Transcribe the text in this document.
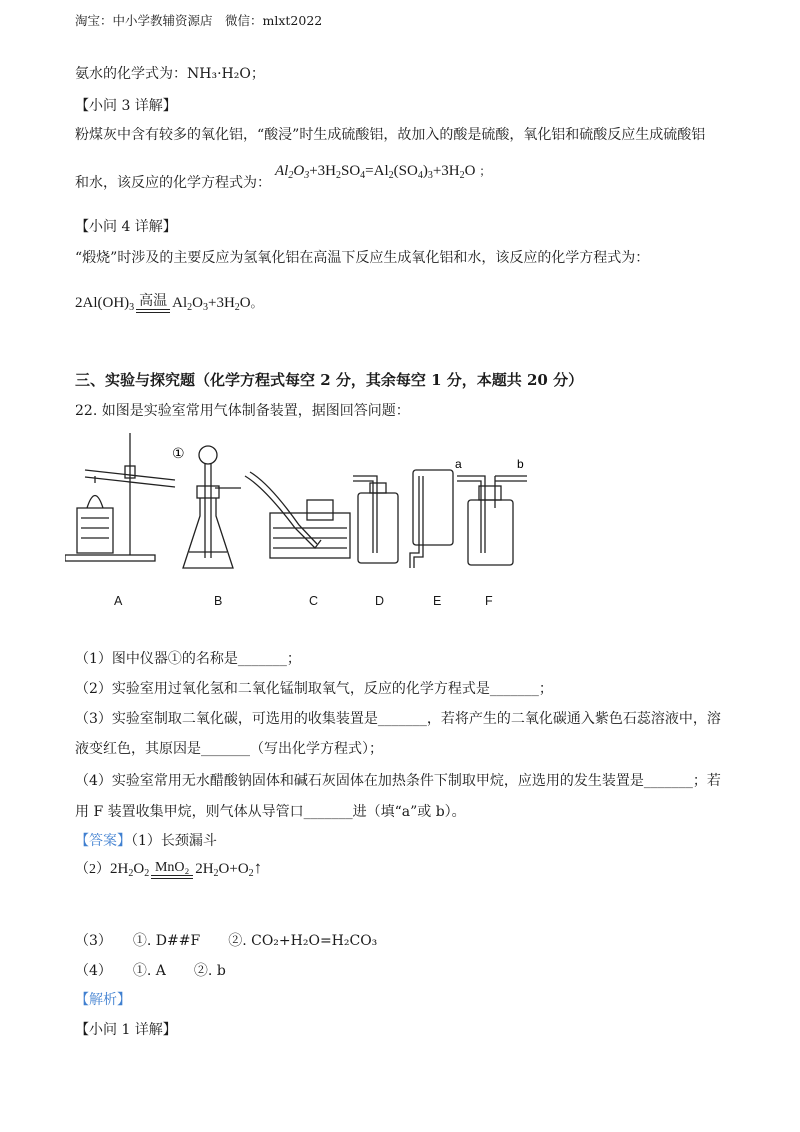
淘宝：中小学教辅资源店　微信：mlxt2022
氨水的化学式为：NH₃·H₂O；
【小问 3 详解】
粉煤灰中含有较多的氧化铝，“酸浸”时生成硫酸铝，故加入的酸是硫酸，氧化铝和硫酸反应生成硫酸铝
和水，该反应的化学方程式为：
$Al_2O_3+3H_2SO_4=Al_2(SO_4)_3+3H_2O$ ；
【小问 4 详解】
“煅烧”时涉及的主要反应为氢氧化铝在高温下反应生成氧化铝和水，该反应的化学方程式为：
$2Al(OH)_3$ 高温 $Al_2O_3+3H_2O$。
三、实验与探究题（化学方程式每空 2 分，其余每空 1 分，本题共 20 分）
22. 如图是实验室常用气体制备装置，据图回答问题：
①
a	b
A	B	C	D	E	F
（1）图中仪器①的名称是_______；
（2）实验室用过氧化氢和二氧化锰制取氧气，反应的化学方程式是_______；
（3）实验室制取二氧化碳，可选用的收集装置是_______，若将产生的二氧化碳通入紫色石蕊溶液中，溶
液变红色，其原因是_______（写出化学方程式）；
（4）实验室常用无水醋酸钠固体和碱石灰固体在加热条件下制取甲烷，应选用的发生装置是_______；若
用 F 装置收集甲烷，则气体从导管口_______进（填“a”或 b）。
【答案】（1）长颈漏斗
$(2)2H_2O_2$ MnO₂ $2H_2O+O_2↑$
（3）　　①. D##F　　②. CO₂+H₂O=H₂CO₃
（4）　　①. A　　②. b
【解析】
【小问 1 详解】
